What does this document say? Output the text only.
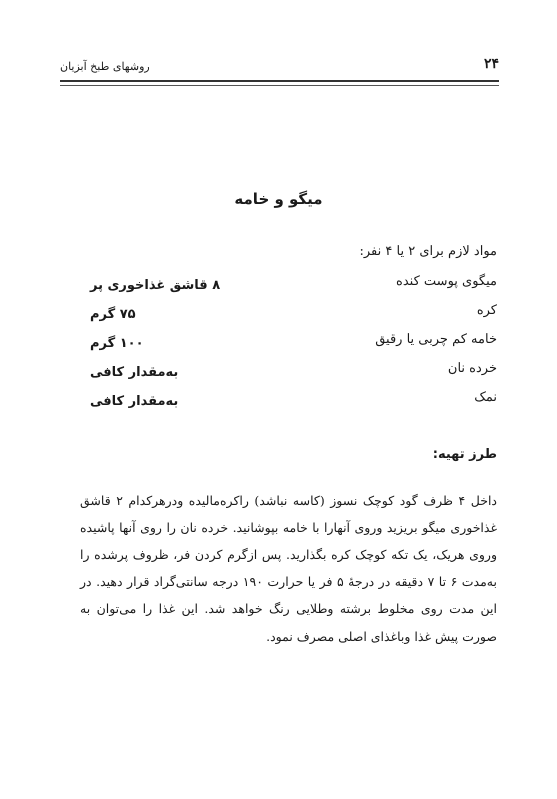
۲۴
روشهای طبخ آبزیان
میگو و خامه
مواد لازم برای ۲ یا ۴ نفر:
میگوی پوست کنده
۸ قاشق غذاخوری پر
کره
۷۵ گرم
خامه کم چربی یا رقیق
۱۰۰ گرم
خرده نان
به‌مقدار کافی
نمک
به‌مقدار کافی
طرز تهیه:

داخل ۴ ظرف گود کوچک نسوز (کاسه نباشد) راکره‌مالیده ودرهرکدام ۲ قاشق غذاخوری میگو بریزید وروی آنهارا با خامه بپوشانید. خرده نان را روی آنها پاشیده وروی هریک، یک تکه کوچک کره بگذارید. پس ازگرم کردن فر، ظروف پرشده را به‌مدت ۶ تا ۷ دقیقه در درجهٔ ۵ فر یا حرارت ۱۹۰ درجه سانتی‌گراد قرار دهید. در این مدت روی مخلوط برشته وطلایی رنگ خواهد شد. این غذا را می‌توان به صورت پیش غذا وباغذای اصلی مصرف نمود.
